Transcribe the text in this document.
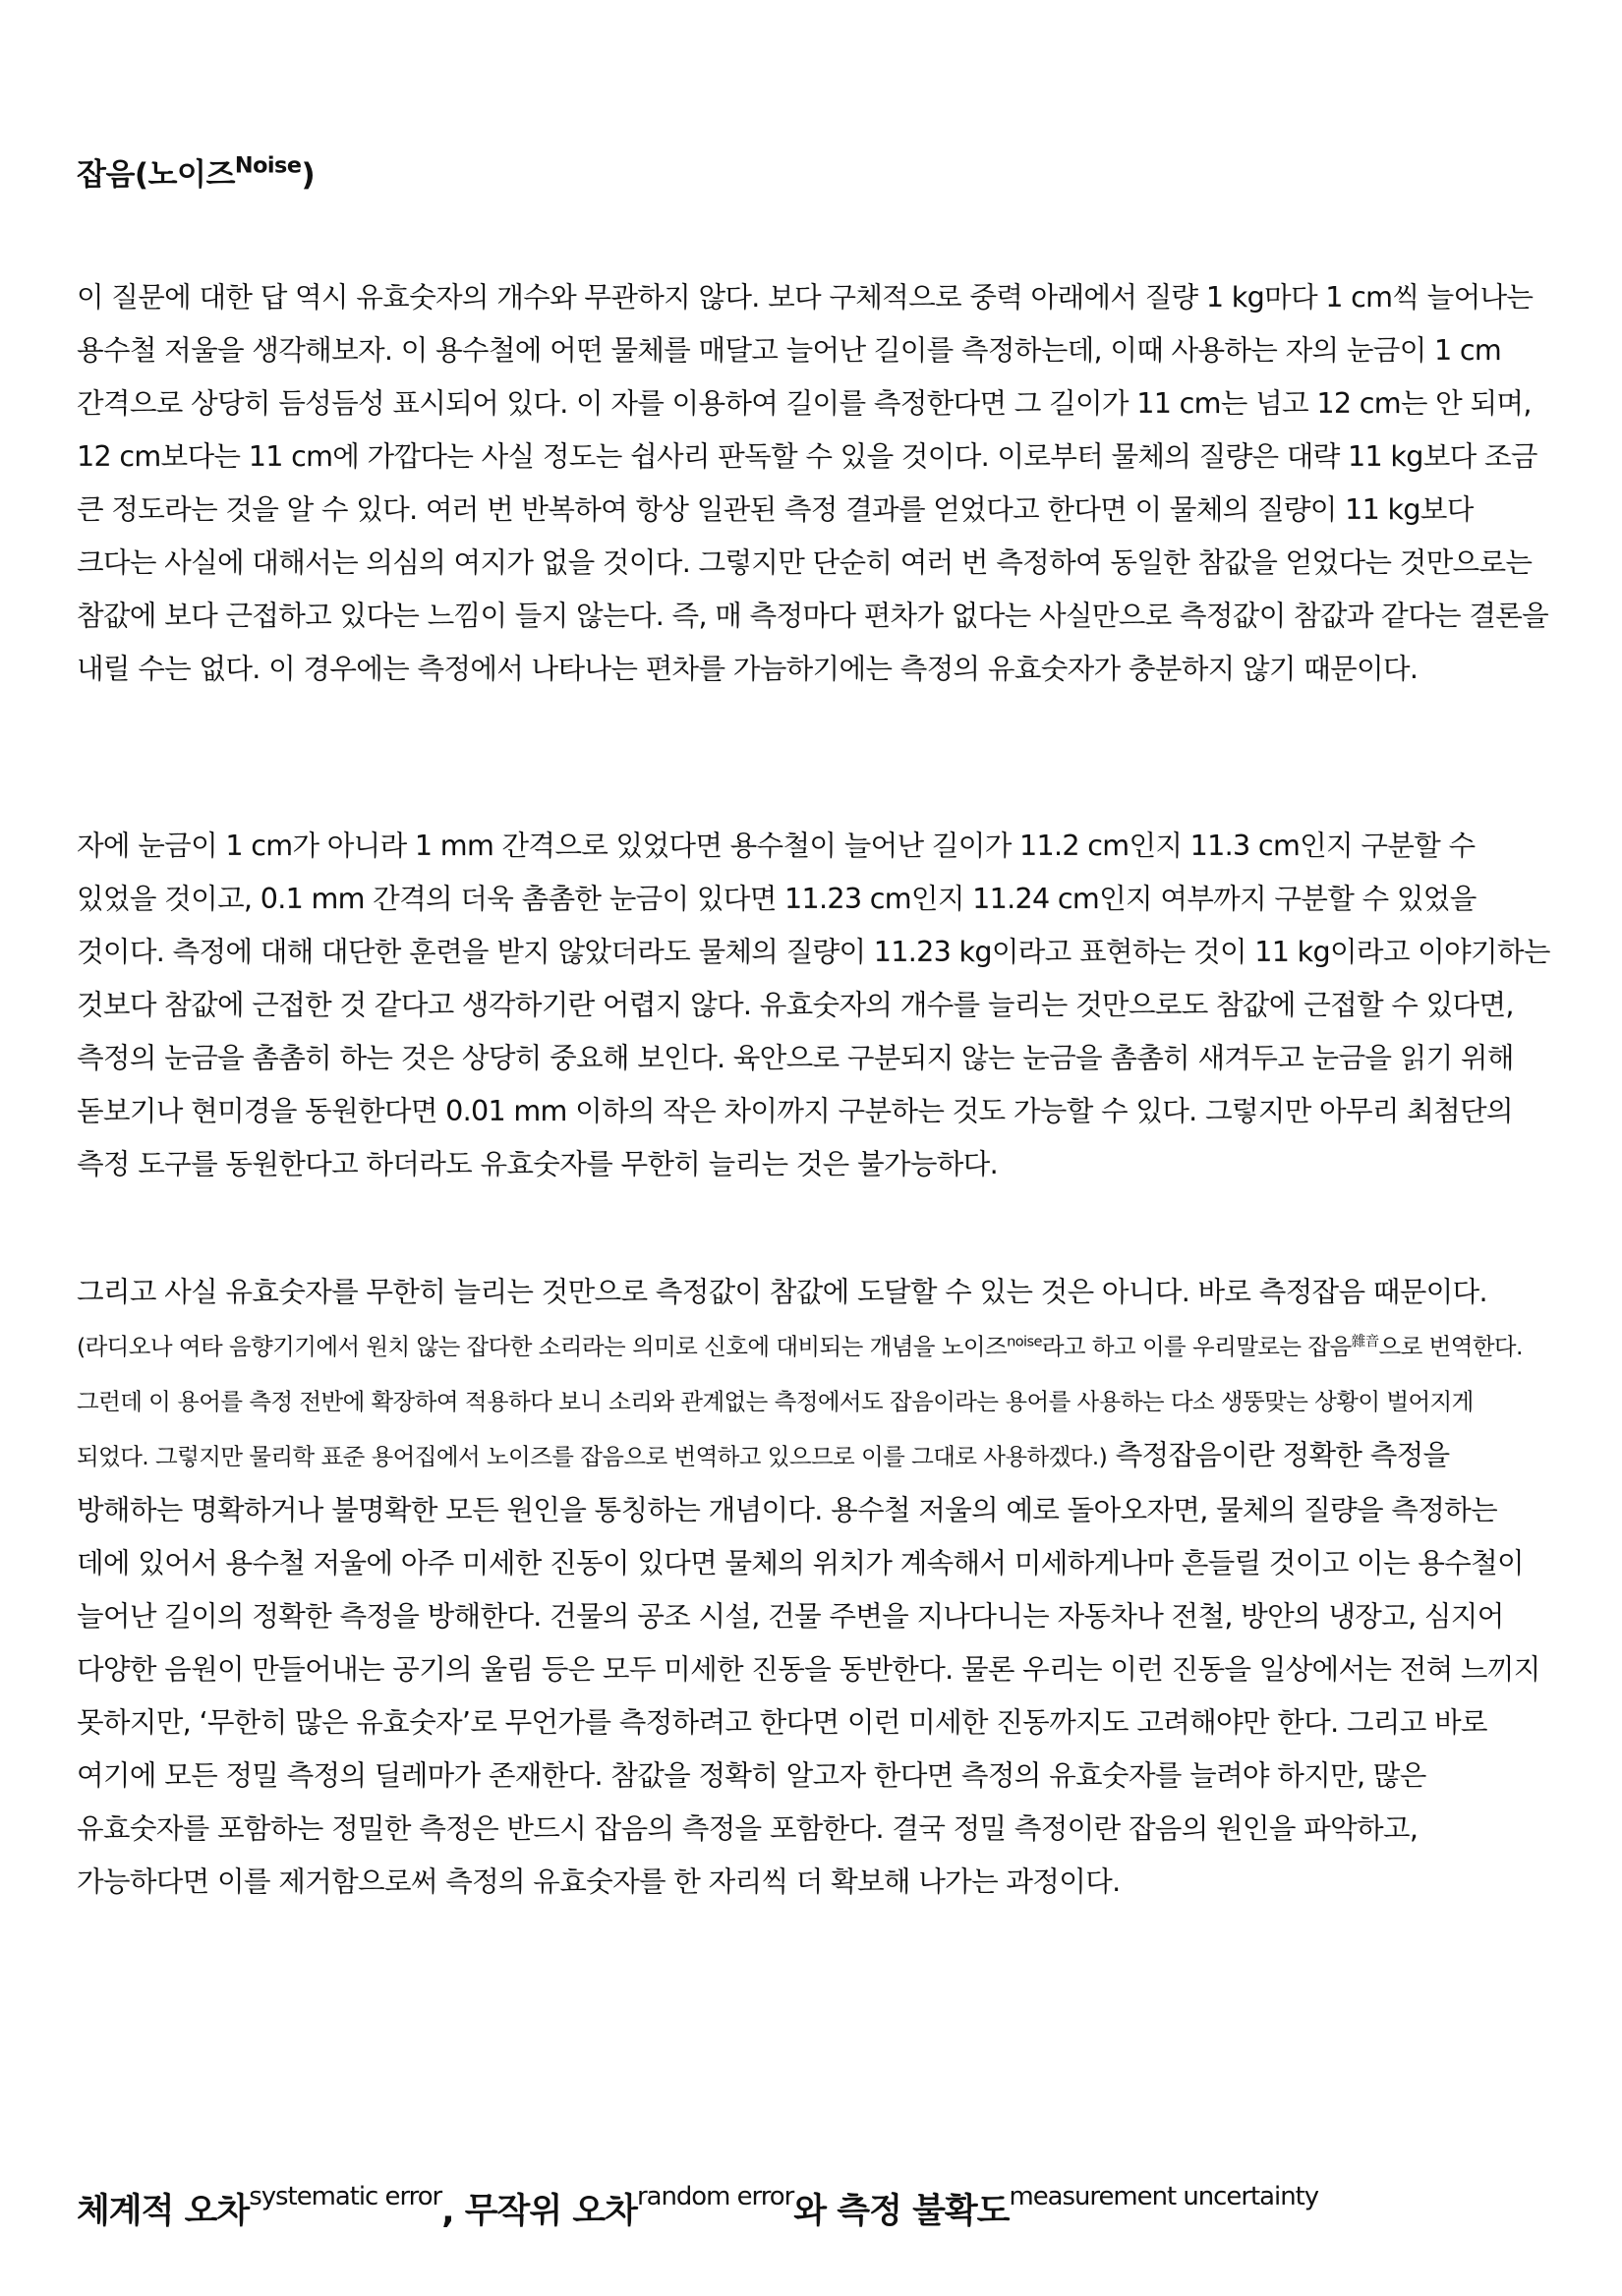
잡음(노이즈$^{Noise}$)

이 질문에 대한 답 역시 유효숫자의 개수와 무관하지 않다. 보다 구체적으로 중력 아래에서 질량 1 kg마다 1 cm씩 늘어나는 용수철 저울을 생각해보자. 이 용수철에 어떤 물체를 매달고 늘어난 길이를 측정하는데, 이때 사용하는 자의 눈금이 1 cm 간격으로 상당히 듬성듬성 표시되어 있다. 이 자를 이용하여 길이를 측정한다면 그 길이가 11 cm는 넘고 12 cm는 안 되며, 12 cm보다는 11 cm에 가깝다는 사실 정도는 쉽사리 판독할 수 있을 것이다. 이로부터 물체의 질량은 대략 11 kg보다 조금 큰 정도라는 것을 알 수 있다. 여러 번 반복하여 항상 일관된 측정 결과를 얻었다고 한다면 이 물체의 질량이 11 kg보다 크다는 사실에 대해서는 의심의 여지가 없을 것이다. 그렇지만 단순히 여러 번 측정하여 동일한 참값을 얻었다는 것만으로는 참값에 보다 근접하고 있다는 느낌이 들지 않는다. 즉, 매 측정마다 편차가 없다는 사실만으로 측정값이 참값과 같다는 결론을 내릴 수는 없다. 이 경우에는 측정에서 나타나는 편차를 가늠하기에는 측정의 유효숫자가 충분하지 않기 때문이다.

자에 눈금이 1 cm가 아니라 1 mm 간격으로 있었다면 용수철이 늘어난 길이가 11.2 cm인지 11.3 cm인지 구분할 수 있었을 것이고, 0.1 mm 간격의 더욱 촘촘한 눈금이 있다면 11.23 cm인지 11.24 cm인지 여부까지 구분할 수 있었을 것이다. 측정에 대해 대단한 훈련을 받지 않았더라도 물체의 질량이 11.23 kg이라고 표현하는 것이 11 kg이라고 이야기하는 것보다 참값에 근접한 것 같다고 생각하기란 어렵지 않다. 유효숫자의 개수를 늘리는 것만으로도 참값에 근접할 수 있다면, 측정의 눈금을 촘촘히 하는 것은 상당히 중요해 보인다. 육안으로 구분되지 않는 눈금을 촘촘히 새겨두고 눈금을 읽기 위해 돋보기나 현미경을 동원한다면 0.01 mm 이하의 작은 차이까지 구분하는 것도 가능할 수 있다. 그렇지만 아무리 최첨단의 측정 도구를 동원한다고 하더라도 유효숫자를 무한히 늘리는 것은 불가능하다.

그리고 사실 유효숫자를 무한히 늘리는 것만으로 측정값이 참값에 도달할 수 있는 것은 아니다. 바로 측정잡음 때문이다.(라디오나 여타 음향기기에서 원치 않는 잡다한 소리라는 의미로 신호에 대비되는 개념을 노이즈$^{noise}$라고 하고 이를 우리말로는 잡음$^{雜音}$으로 번역한다. 그런데 이 용어를 측정 전반에 확장하여 적용하다 보니 소리와 관계없는 측정에서도 잡음이라는 용어를 사용하는 다소 생뚱맞는 상황이 벌어지게 되었다. 그렇지만 물리학 표준 용어집에서 노이즈를 잡음으로 번역하고 있으므로 이를 그대로 사용하겠다.) 측정잡음이란 정확한 측정을 방해하는 명확하거나 불명확한 모든 원인을 통칭하는 개념이다. 용수철 저울의 예로 돌아오자면, 물체의 질량을 측정하는 데에 있어서 용수철 저울에 아주 미세한 진동이 있다면 물체의 위치가 계속해서 미세하게나마 흔들릴 것이고 이는 용수철이 늘어난 길이의 정확한 측정을 방해한다. 건물의 공조 시설, 건물 주변을 지나다니는 자동차나 전철, 방안의 냉장고, 심지어 다양한 음원이 만들어내는 공기의 울림 등은 모두 미세한 진동을 동반한다. 물론 우리는 이런 진동을 일상에서는 전혀 느끼지 못하지만, ‘무한히 많은 유효숫자’로 무언가를 측정하려고 한다면 이런 미세한 진동까지도 고려해야만 한다. 그리고 바로 여기에 모든 정밀 측정의 딜레마가 존재한다. 참값을 정확히 알고자 한다면 측정의 유효숫자를 늘려야 하지만, 많은 유효숫자를 포함하는 정밀한 측정은 반드시 잡음의 측정을 포함한다. 결국 정밀 측정이란 잡음의 원인을 파악하고, 가능하다면 이를 제거함으로써 측정의 유효숫자를 한 자리씩 더 확보해 나가는 과정이다.

체계적 오차$^{systematic error}$, 무작위 오차$^{random error}$와 측정 불확도$^{measurement uncertainty}$
